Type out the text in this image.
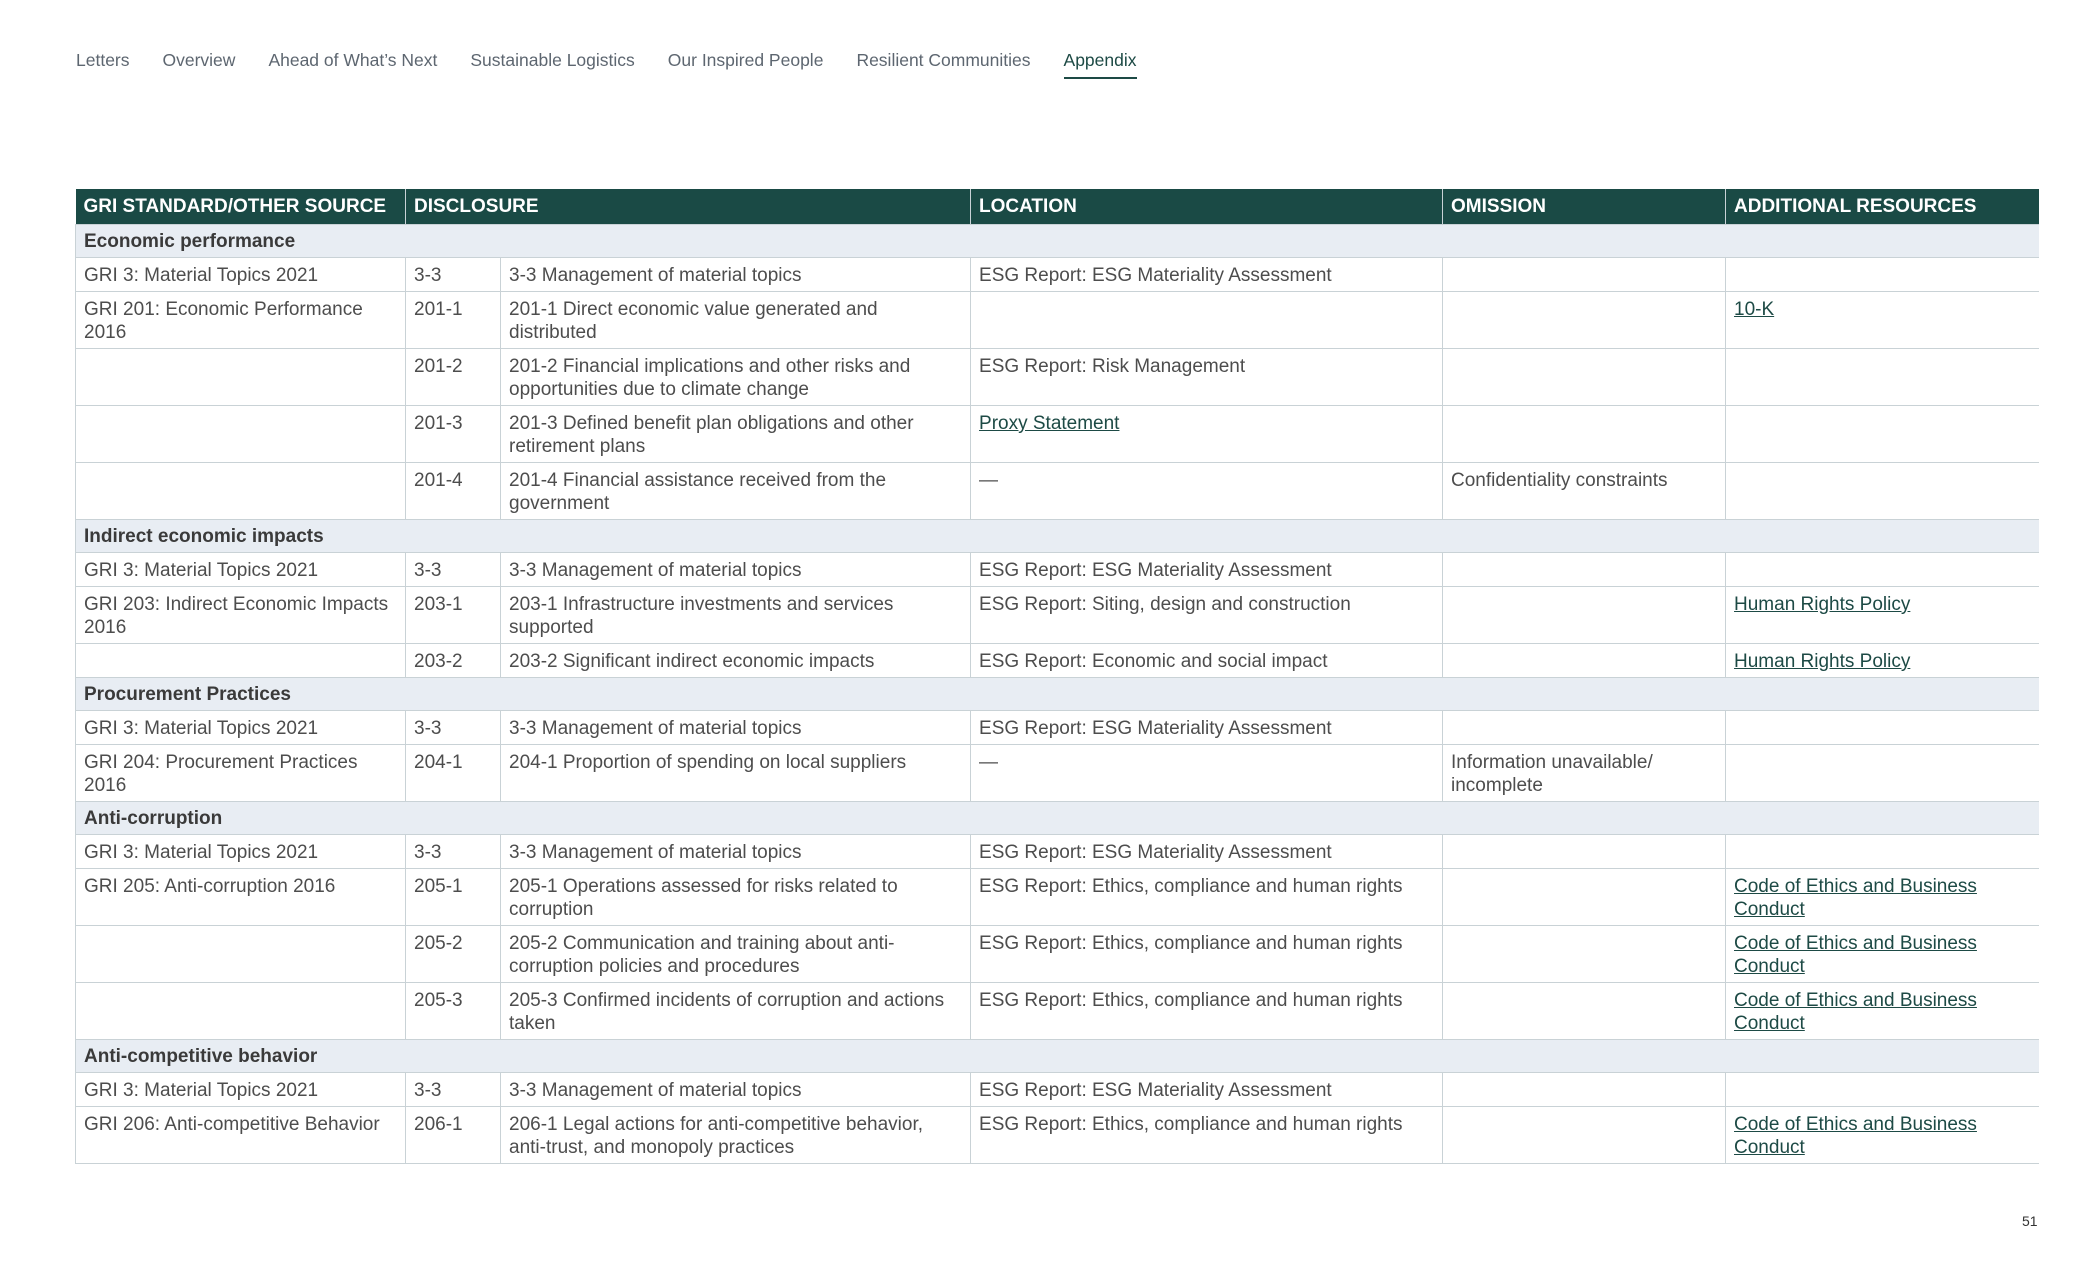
Letters Overview Ahead of What’s Next Sustainable Logistics Our Inspired People Resilient Communities Appendix
GRI STANDARD/OTHER SOURCE	DISCLOSURE		LOCATION	OMISSION	ADDITIONAL RESOURCES
Economic performance					
GRI 3: Material Topics 2021	3-3	3-3 Management of material topics	ESG Report: ESG Materiality Assessment		
GRI 201: Economic Performance 2016	201-1	201-1 Direct economic value generated and distributed			10-K
	201-2	201-2 Financial implications and other risks and opportunities due to climate change	ESG Report: Risk Management		
	201-3	201-3 Defined benefit plan obligations and other retirement plans	Proxy Statement		
	201-4	201-4 Financial assistance received from the government	—	Confidentiality constraints	
Indirect economic impacts					
GRI 3: Material Topics 2021	3-3	3-3 Management of material topics	ESG Report: ESG Materiality Assessment		
GRI 203: Indirect Economic Impacts 2016	203-1	203-1 Infrastructure investments and services supported	ESG Report: Siting, design and construction		Human Rights Policy
	203-2	203-2 Significant indirect economic impacts	ESG Report: Economic and social impact		Human Rights Policy
Procurement Practices					
GRI 3: Material Topics 2021	3-3	3-3 Management of material topics	ESG Report: ESG Materiality Assessment		
GRI 204: Procurement Practices 2016	204-1	204-1 Proportion of spending on local suppliers	—	Information unavailable/ incomplete	
Anti-corruption					
GRI 3: Material Topics 2021	3-3	3-3 Management of material topics	ESG Report: ESG Materiality Assessment		
GRI 205: Anti-corruption 2016	205-1	205-1 Operations assessed for risks related to corruption	ESG Report: Ethics, compliance and human rights		Code of Ethics and Business Conduct
	205-2	205-2 Communication and training about anti-corruption policies and procedures	ESG Report: Ethics, compliance and human rights		Code of Ethics and Business Conduct
	205-3	205-3 Confirmed incidents of corruption and actions taken	ESG Report: Ethics, compliance and human rights		Code of Ethics and Business Conduct
Anti-competitive behavior					
GRI 3: Material Topics 2021	3-3	3-3 Management of material topics	ESG Report: ESG Materiality Assessment		
GRI 206: Anti-competitive Behavior	206-1	206-1 Legal actions for anti-competitive behavior, anti-trust, and monopoly practices	ESG Report: Ethics, compliance and human rights		Code of Ethics and Business Conduct
51
